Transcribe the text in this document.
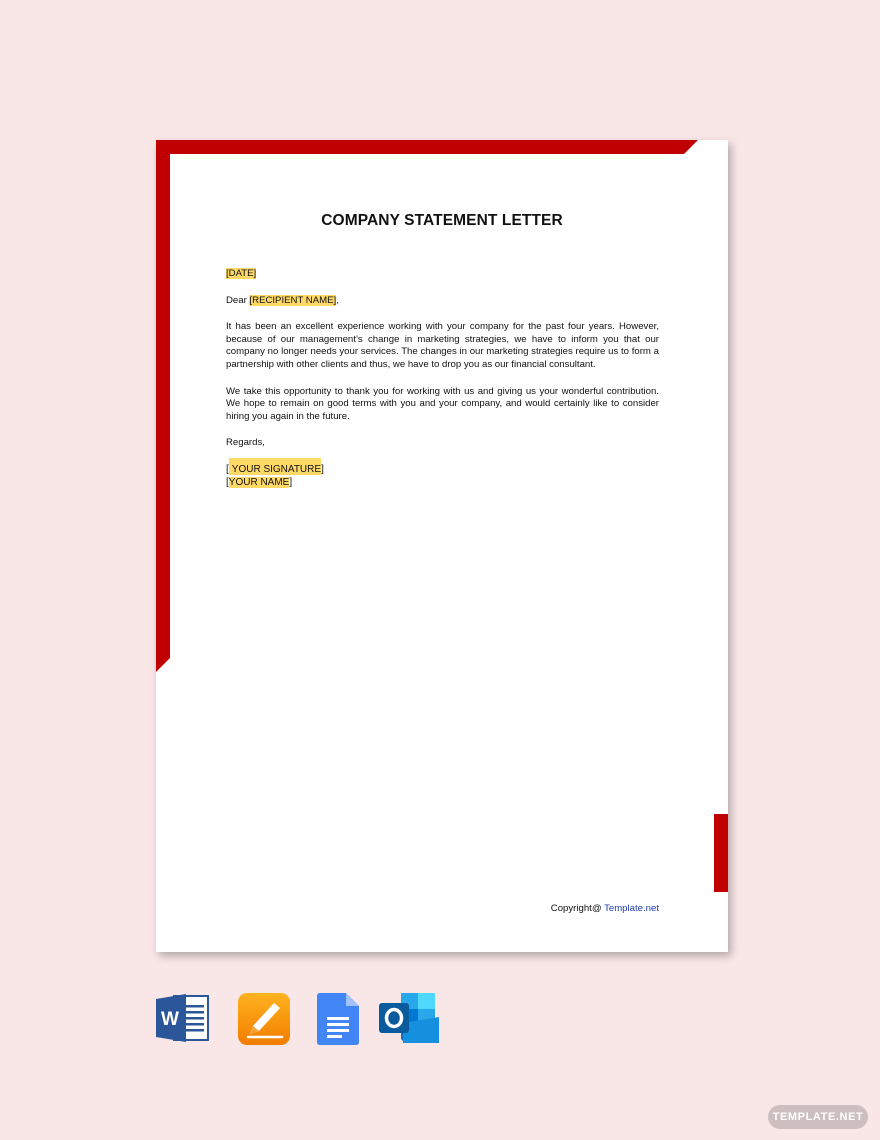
COMPANY STATEMENT LETTER

[DATE]

Dear [RECIPIENT NAME],

It has been an excellent experience working with your company for the past four years. However, because of our management’s change in marketing strategies, we have to inform you that our company no longer needs your services. The changes in our marketing strategies require us to form a partnership with other clients and thus, we have to drop you as our financial consultant.

We take this opportunity to thank you for working with us and giving us your wonderful contribution. We hope to remain on good terms with you and your company, and would certainly like to consider hiring you again in the future.

Regards,

[ YOUR SIGNATURE]

[YOUR NAME]

Copyright@ Template.net
W
TEMPLATE.NET
